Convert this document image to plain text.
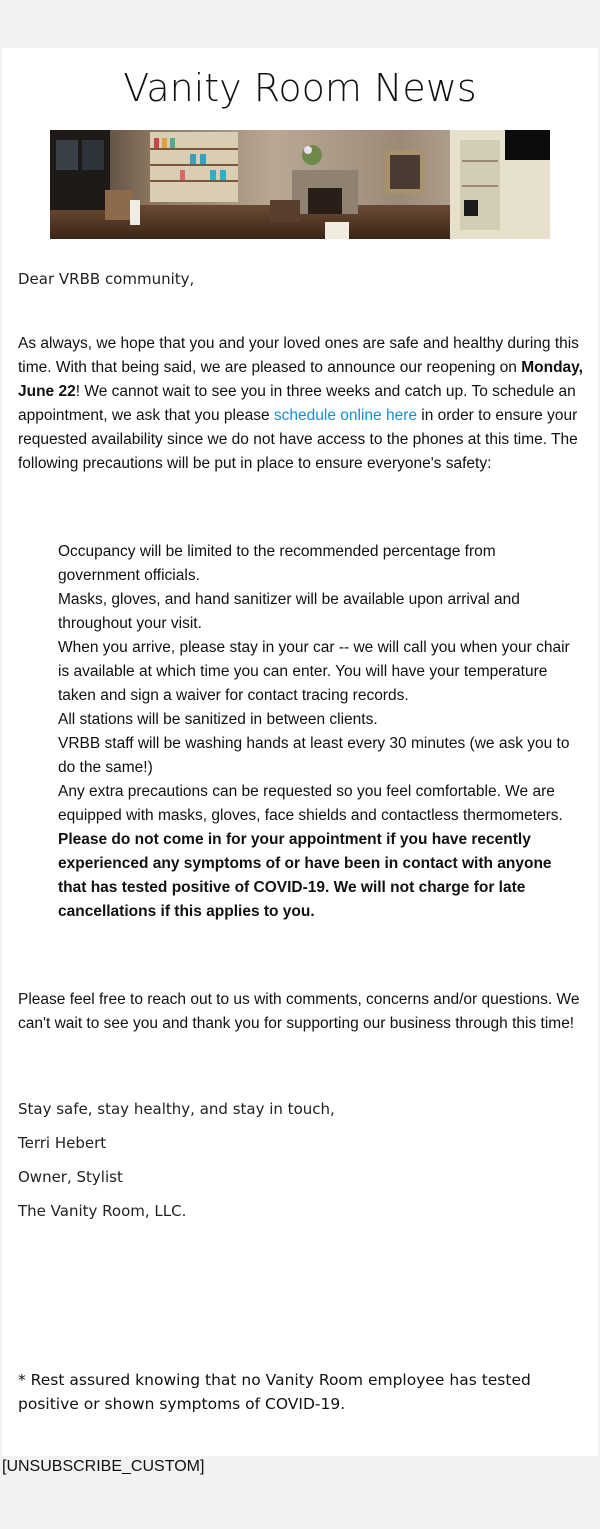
Vanity Room News
Dear VRBB community,
As always, we hope that you and your loved ones are safe and healthy during this time. With that being said, we are pleased to announce our reopening on Monday, June 22! We cannot wait to see you in three weeks and catch up. To schedule an appointment, we ask that you please schedule online here in order to ensure your requested availability since we do not have access to the phones at this time. The following precautions will be put in place to ensure everyone's safety:
Occupancy will be limited to the recommended percentage from government officials.
Masks, gloves, and hand sanitizer will be available upon arrival and throughout your visit.
When you arrive, please stay in your car -- we will call you when your chair is available at which time you can enter. You will have your temperature taken and sign a waiver for contact tracing records.
All stations will be sanitized in between clients.
VRBB staff will be washing hands at least every 30 minutes (we ask you to do the same!)
Any extra precautions can be requested so you feel comfortable. We are equipped with masks, gloves, face shields and contactless thermometers.
Please do not come in for your appointment if you have recently experienced any symptoms of or have been in contact with anyone that has tested positive of COVID-19. We will not charge for late cancellations if this applies to you.
Please feel free to reach out to us with comments, concerns and/or questions. We can't wait to see you and thank you for supporting our business through this time!
Stay safe, stay healthy, and stay in touch,
Terri Hebert
Owner, Stylist
The Vanity Room, LLC.
* Rest assured knowing that no Vanity Room employee has tested positive or shown symptoms of COVID-19.
[UNSUBSCRIBE_CUSTOM]
